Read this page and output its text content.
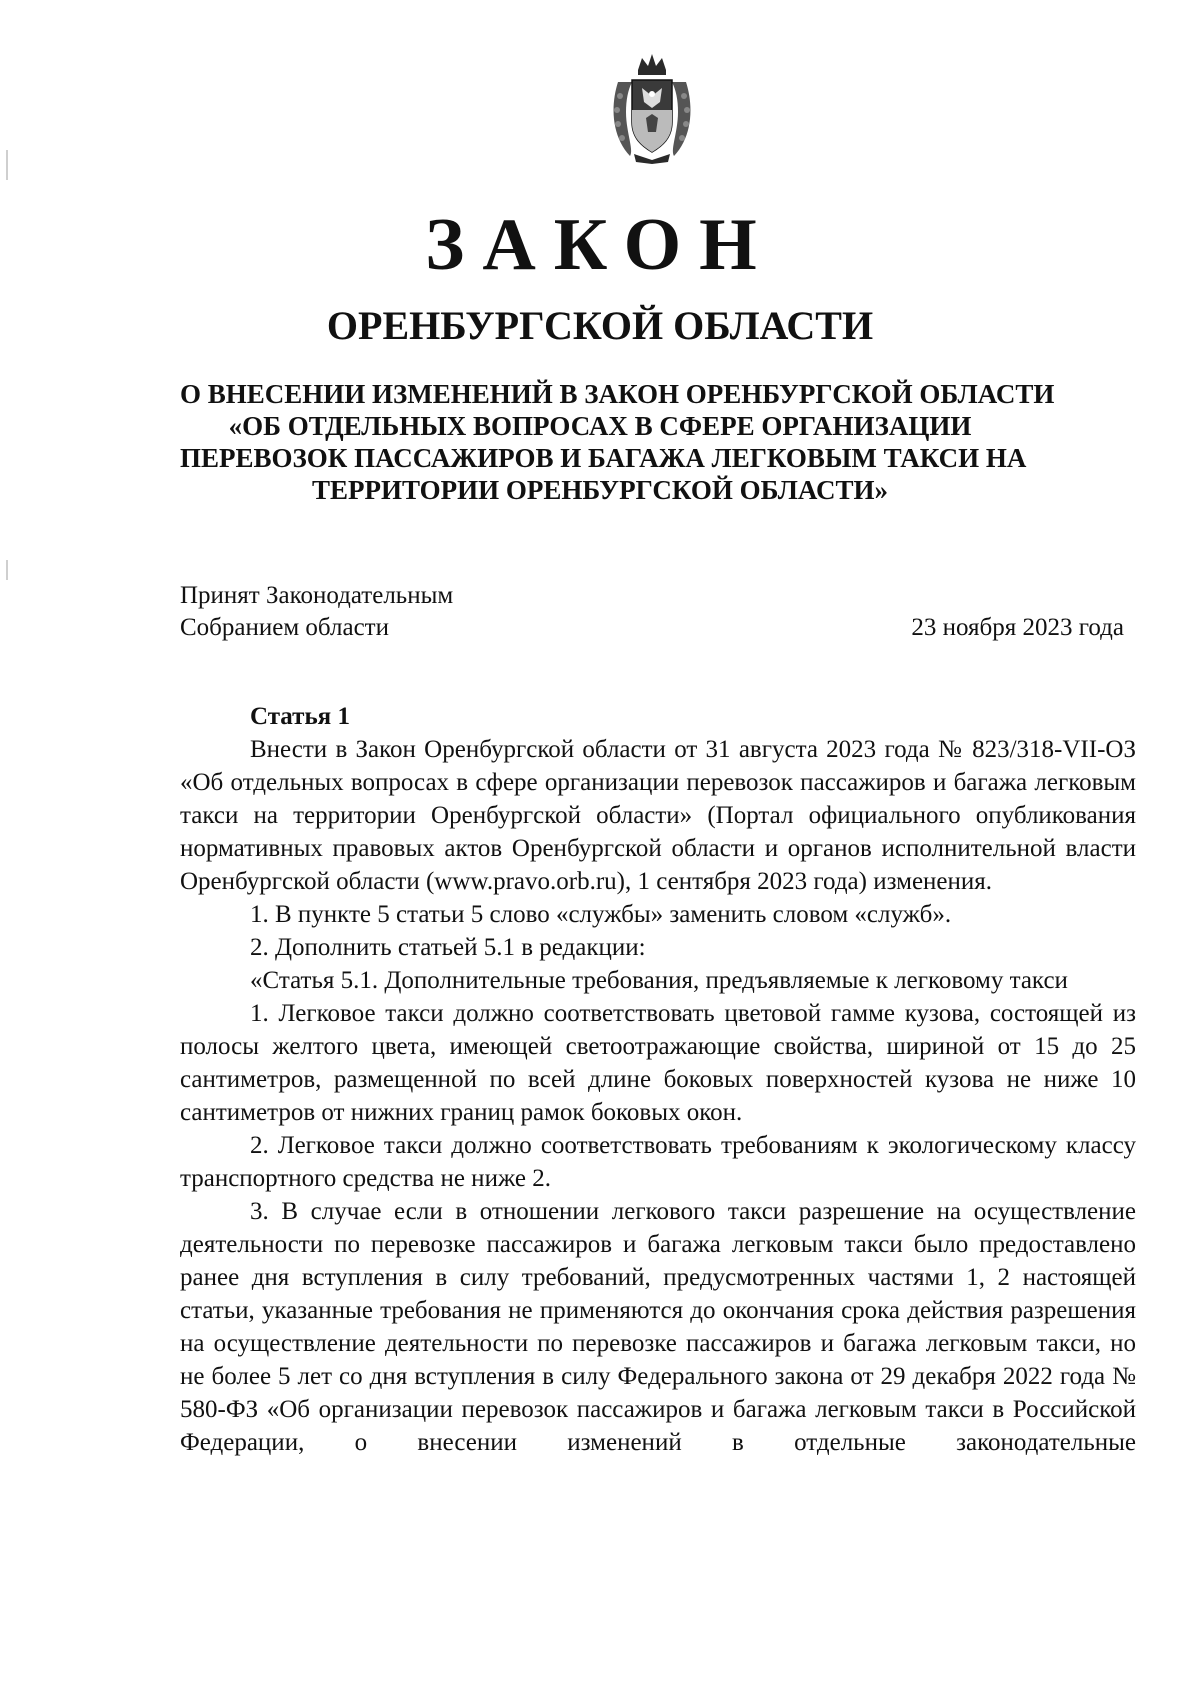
ЗАКОН
ОРЕНБУРГСКОЙ ОБЛАСТИ
О ВНЕСЕНИИ ИЗМЕНЕНИЙ В ЗАКОН ОРЕНБУРГСКОЙ ОБЛАСТИ
«ОБ ОТДЕЛЬНЫХ ВОПРОСАХ В СФЕРЕ ОРГАНИЗАЦИИ
ПЕРЕВОЗОК ПАССАЖИРОВ И БАГАЖА ЛЕГКОВЫМ ТАКСИ НА
ТЕРРИТОРИИ ОРЕНБУРГСКОЙ ОБЛАСТИ»
Принят Законодательным
Собранием области	23 ноября 2023 года

Статья 1

Внести в Закон Оренбургской области от 31 августа 2023 года № 823/318-VII-ОЗ «Об отдельных вопросах в сфере организации перевозок пассажиров и багажа легковым такси на территории Оренбургской области» (Портал официального опубликования нормативных правовых актов Оренбургской области и органов исполнительной власти Оренбургской области (www.pravo.orb.ru), 1 сентября 2023 года) изменения.

1. В пункте 5 статьи 5 слово «службы» заменить словом «служб».

2. Дополнить статьей 5.1 в редакции:

«Статья 5.1. Дополнительные требования, предъявляемые к легковому такси

1. Легковое такси должно соответствовать цветовой гамме кузова, состоящей из полосы желтого цвета, имеющей светоотражающие свойства, шириной от 15 до 25 сантиметров, размещенной по всей длине боковых поверхностей кузова не ниже 10 сантиметров от нижних границ рамок боковых окон.

2. Легковое такси должно соответствовать требованиям к экологическому классу транспортного средства не ниже 2.

3. В случае если в отношении легкового такси разрешение на осуществление деятельности по перевозке пассажиров и багажа легковым такси было предоставлено ранее дня вступления в силу требований, предусмотренных частями 1, 2 настоящей статьи, указанные требования не применяются до окончания срока действия разрешения на осуществление деятельности по перевозке пассажиров и багажа легковым такси, но не более 5 лет со дня вступления в силу Федерального закона от 29 декабря 2022 года № 580-ФЗ «Об организации перевозок пассажиров и багажа легковым такси в Российской Федерации, о внесении изменений в отдельные законодательные
